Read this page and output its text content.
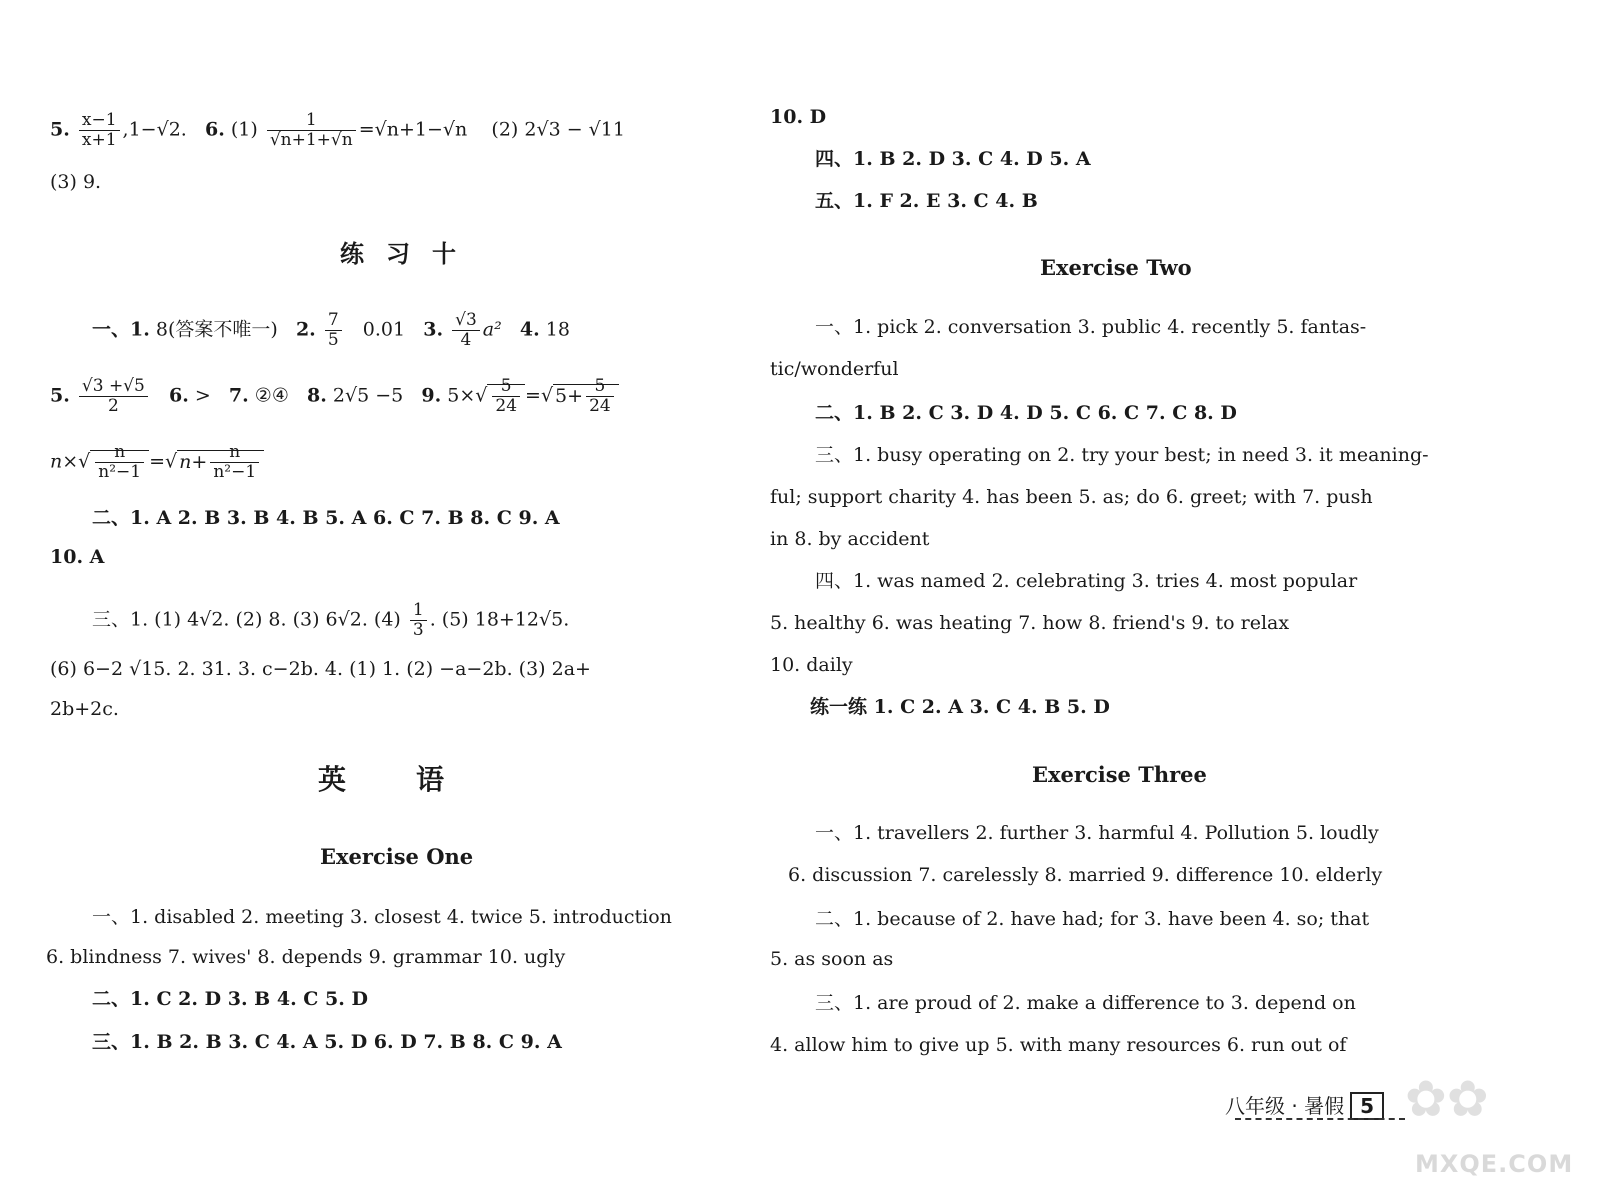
5. $\frac{x-1}{x+1} ,1-√2$. 6. $(1) \frac{1}{√n+1+√n} =√n+1-√n$ (2) 2√3 − √11
(3) 9.
练习十
一、1. 8(答案不唯一) 2. $\frac{7}{5} 0.01$ 3. $\frac{√3}{4} a^2$ 4. 18
5. $\frac{√3 +√5}{2} 6$. > 7. ②④ 8. 2√5 −5 9. $5\times√ \frac{5}{24}$ =√ $5+ \frac{5}{24}$
$n\times√ \frac{n}{\text{n²−1}}$ =√ $n+ \frac{n}{\text{n²−1}}$
二、1. A 2. B 3. B 4. B 5. A 6. C 7. B 8. C 9. A
10. A
三、1. (1) 4√2. (2) 8. (3) 6√2. $(4) \frac{1}{3}$ . (5) 18+12√5.
(6) 6−2 √15. 2. 31. 3. c−2b. 4. (1) 1. (2) −a−2b. (3) 2a+
2b+2c.
英语
Exercise One
一、1. disabled 2. meeting 3. closest 4. twice 5. introduction
6. blindness 7. wives' 8. depends 9. grammar 10. ugly
二、1. C 2. D 3. B 4. C 5. D
三、1. B 2. B 3. C 4. A 5. D 6. D 7. B 8. C 9. A
10. D
四、1. B 2. D 3. C 4. D 5. A
五、1. F 2. E 3. C 4. B
Exercise Two
一、1. pick 2. conversation 3. public 4. recently 5. fantas-
tic/wonderful
二、1. B 2. C 3. D 4. D 5. C 6. C 7. C 8. D
三、1. busy operating on 2. try your best; in need 3. it meaning-
ful; support charity 4. has been 5. as; do 6. greet; with 7. push
in 8. by accident
四、1. was named 2. celebrating 3. tries 4. most popular
5. healthy 6. was heating 7. how 8. friend's 9. to relax
10. daily
练一练 1. C 2. A 3. C 4. B 5. D
Exercise Three
一、1. travellers 2. further 3. harmful 4. Pollution 5. loudly
6. discussion 7. carelessly 8. married 9. difference 10. elderly
二、1. because of 2. have had; for 3. have been 4. so; that
5. as soon as
三、1. are proud of 2. make a difference to 3. depend on
4. allow him to give up 5. with many resources 6. run out of
八年级 · 暑假 5 ✿✿
MXQE.COM
